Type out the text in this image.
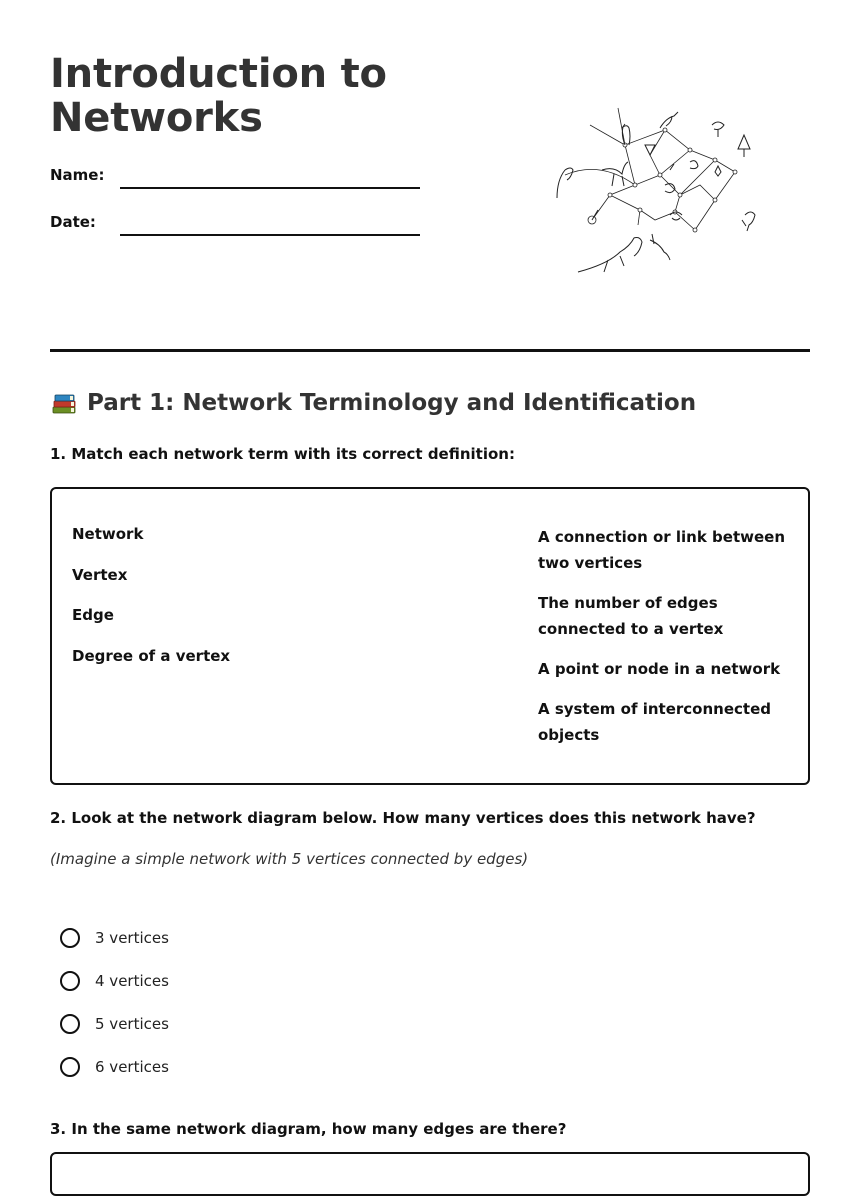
Introduction to Networks
Name:
Date:
Part 1: Network Terminology and Identification

1. Match each network term with its correct definition:

Network
Vertex
Edge
Degree of a vertex
A connection or link between two vertices
The number of edges connected to a vertex
A point or node in a network
A system of interconnected objects

2. Look at the network diagram below. How many vertices does this network have?

(Imagine a simple network with 5 vertices connected by edges)

3 vertices
4 vertices
5 vertices
6 vertices

3. In the same network diagram, how many edges are there?
